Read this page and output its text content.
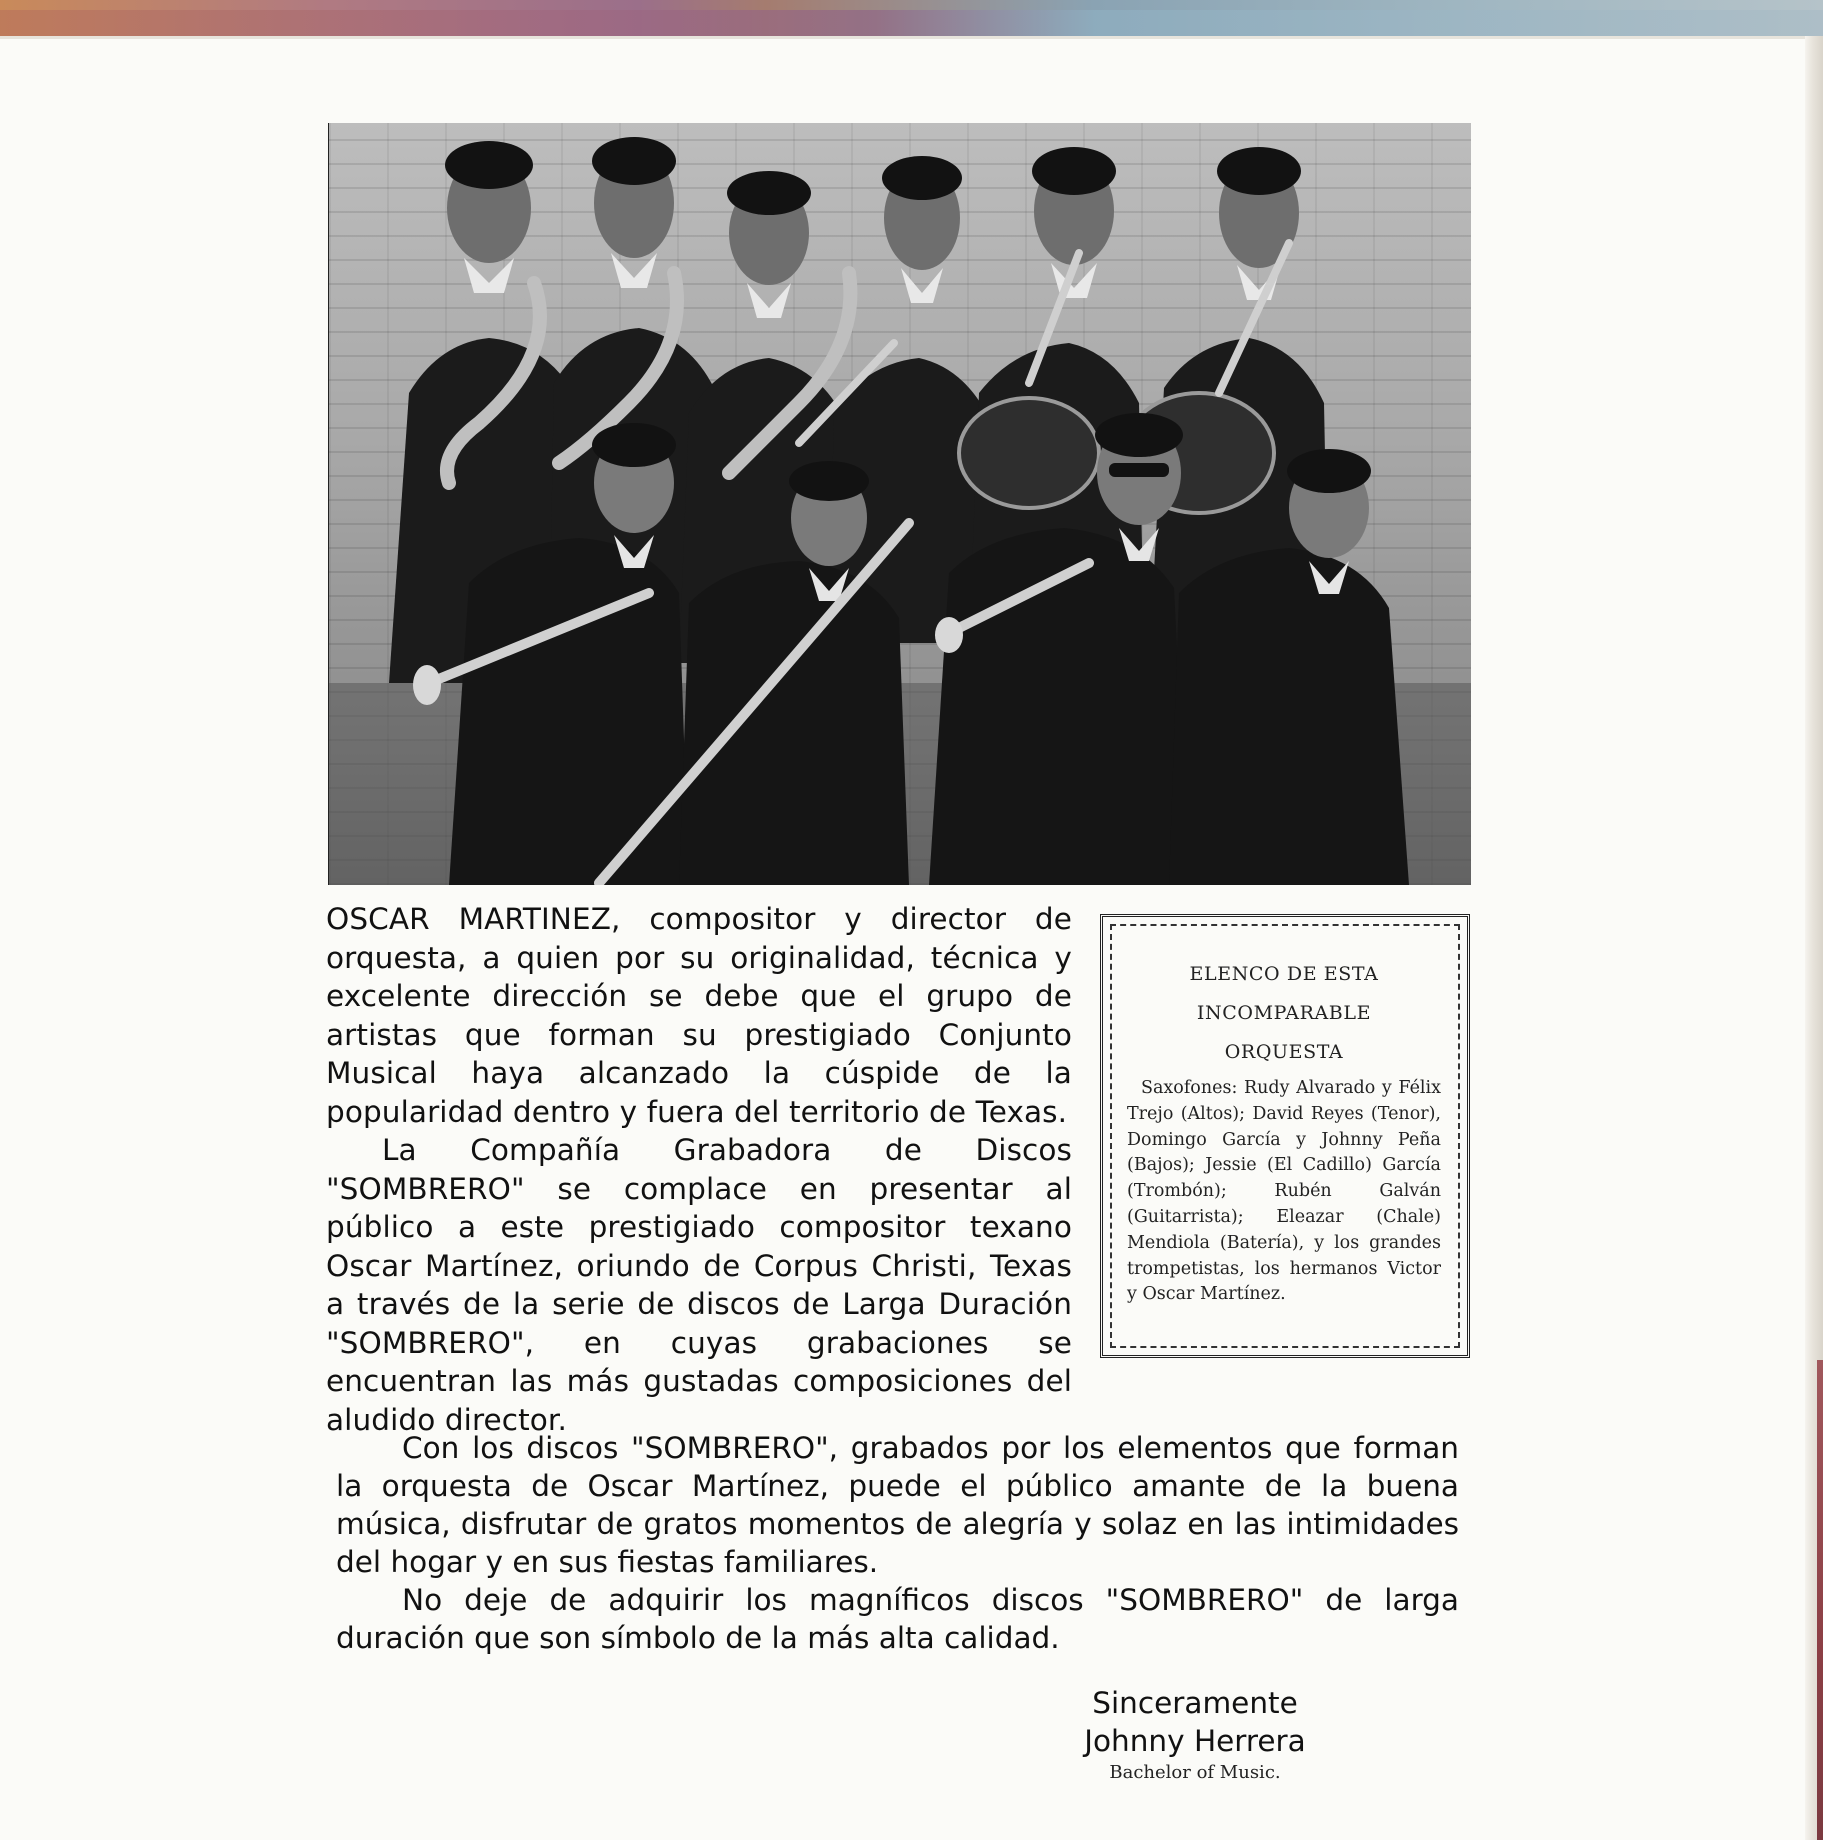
OSCAR MARTINEZ, compositor y director de orquesta, a quien por su originalidad, técnica y excelente dirección se debe que el grupo de artistas que forman su prestigiado Conjunto Musical haya alcanzado la cúspide de la popularidad dentro y fuera del territorio de Texas.

La Compañía Grabadora de Discos "SOMBRERO" se complace en presentar al público a este prestigiado compositor texano Oscar Martínez, oriundo de Corpus Christi, Texas a través de la serie de discos de Larga Duración "SOMBRERO", en cuyas grabaciones se encuentran las más gustadas composiciones del aludido director.

ELENCO DE ESTA
INCOMPARABLE
ORQUESTA

Saxofones: Rudy Alvarado y Félix Trejo (Altos); David Reyes (Tenor), Domingo García y Johnny Peña (Bajos); Jessie (El Cadillo) García (Trombón); Rubén Galván (Guitarrista); Eleazar (Chale) Mendiola (Batería), y los grandes trompetistas, los hermanos Victor y Oscar Martínez.

Con los discos "SOMBRERO", grabados por los elementos que forman la orquesta de Oscar Martínez, puede el público amante de la buena música, disfrutar de gratos momentos de alegría y solaz en las intimidades del hogar y en sus fiestas familiares.

No deje de adquirir los magníficos discos "SOMBRERO" de larga duración que son símbolo de la más alta calidad.

Sinceramente
Johnny Herrera
Bachelor of Music.
